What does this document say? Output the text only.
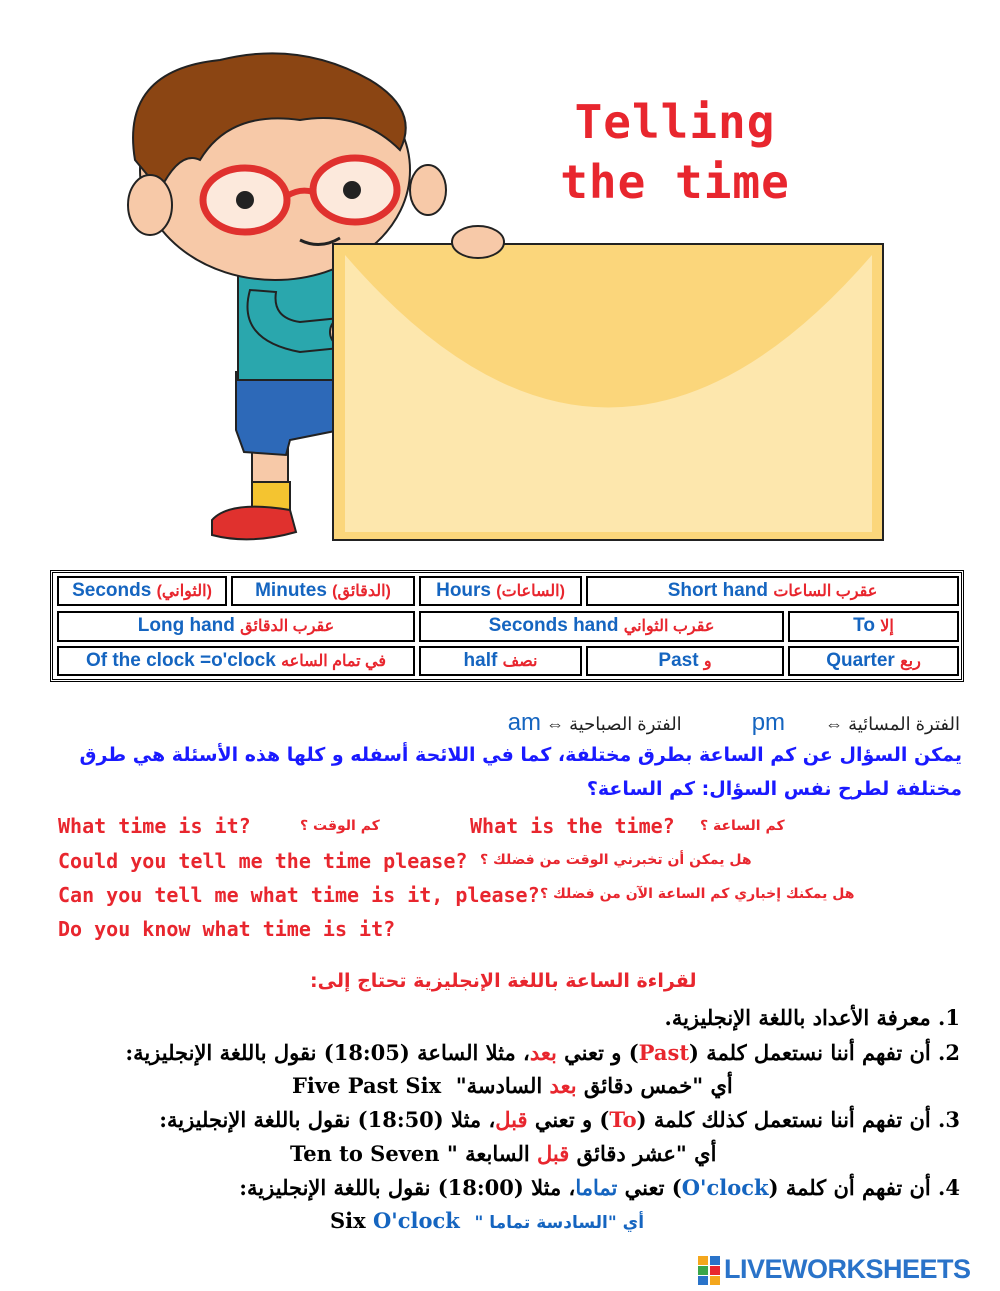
Telling
the time
Seconds (الثواني)	Minutes (الدقائق)	Hours (الساعات)	Short hand عقرب الساعات
Long hand عقرب الدقائق	Seconds hand عقرب الثواني	To إلا
Of the clock =o'clock في تمام الساعه	half نصف	Past و	Quarter ربع
الفترة المسائية ⇔        pm              الفترة الصباحية ⇔ am
يمكن السؤال عن كم الساعة بطرق مختلفة، كما في اللائحة أسفله و كلها هذه الأسئلة هي طرق
مختلفة لطرح نفس السؤال: كم الساعة؟
What time is it?	كم الوقت ؟	What is the time? كم الساعة ؟
Could you tell me the time please? هل يمكن أن تخبرني الوقت من فضلك ؟
Can you tell me what time is it, please? هل يمكنك إخباري كم الساعة الآن من فضلك ؟
Do you know what time is it?
لقراءة الساعة باللغة الإنجليزية تحتاج إلى:
1. معرفة الأعداد باللغة الإنجليزية.
2. أن تفهم أننا نستعمل كلمة (Past) و تعني بعد، مثلا الساعة (18:05) نقول باللغة الإنجليزية:
أي "خمس دقائق بعد السادسة"  Five Past Six
3. أن تفهم أننا نستعمل كذلك كلمة (To) و تعني قبل، مثلا (18:50) نقول باللغة الإنجليزية:
أي "عشر دقائق قبل السابعة " Ten to Seven
4. أن تفهم أن كلمة (O'clock) تعني تماما، مثلا (18:00) نقول باللغة الإنجليزية:
Six O'clock " أي "السادسة تماما
LIVEWORKSHEETS
